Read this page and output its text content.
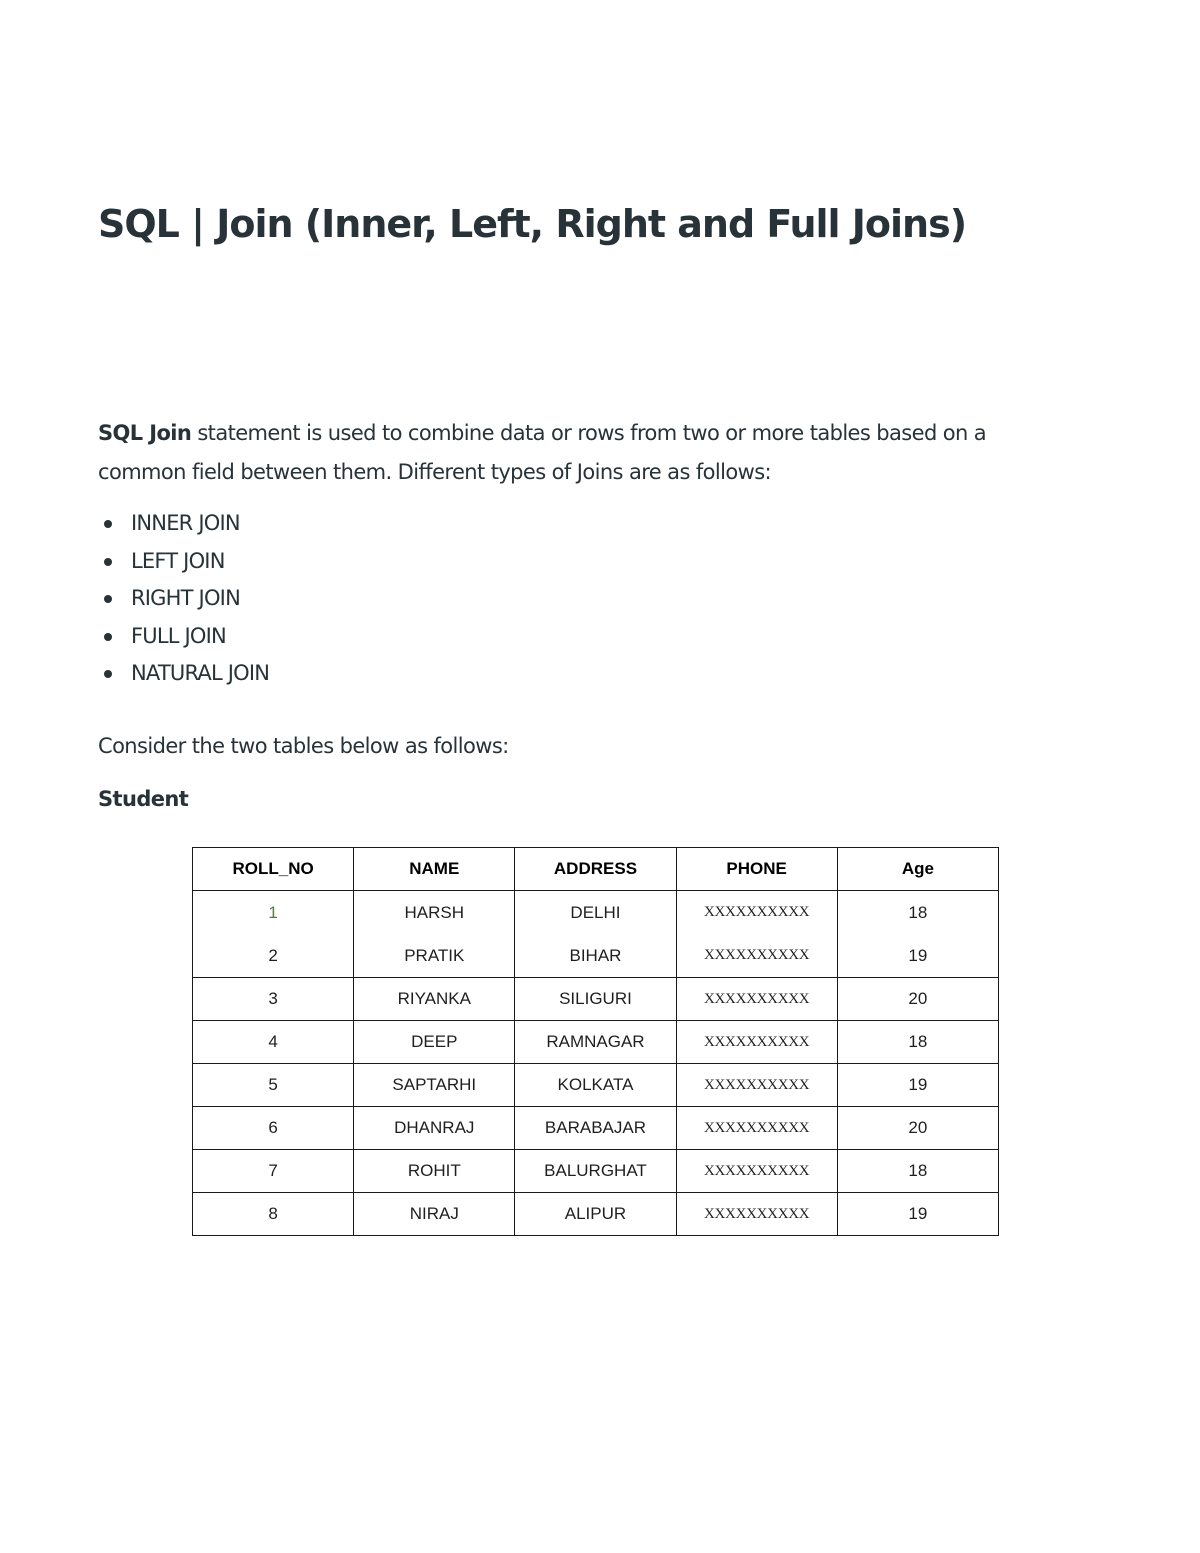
SQL | Join (Inner, Left, Right and Full Joins)

SQL Join statement is used to combine data or rows from two or more tables based on a common field between them. Different types of Joins are as follows:

INNER JOIN
LEFT JOIN
RIGHT JOIN
FULL JOIN
NATURAL JOIN

Consider the two tables below as follows:

Student

ROLL_NO	NAME	ADDRESS	PHONE	Age
1	HARSH	DELHI	XXXXXXXXXX	18
2	PRATIK	BIHAR	XXXXXXXXXX	19
3	RIYANKA	SILIGURI	XXXXXXXXXX	20
4	DEEP	RAMNAGAR	XXXXXXXXXX	18
5	SAPTARHI	KOLKATA	XXXXXXXXXX	19
6	DHANRAJ	BARABAJAR	XXXXXXXXXX	20
7	ROHIT	BALURGHAT	XXXXXXXXXX	18
8	NIRAJ	ALIPUR	XXXXXXXXXX	19
